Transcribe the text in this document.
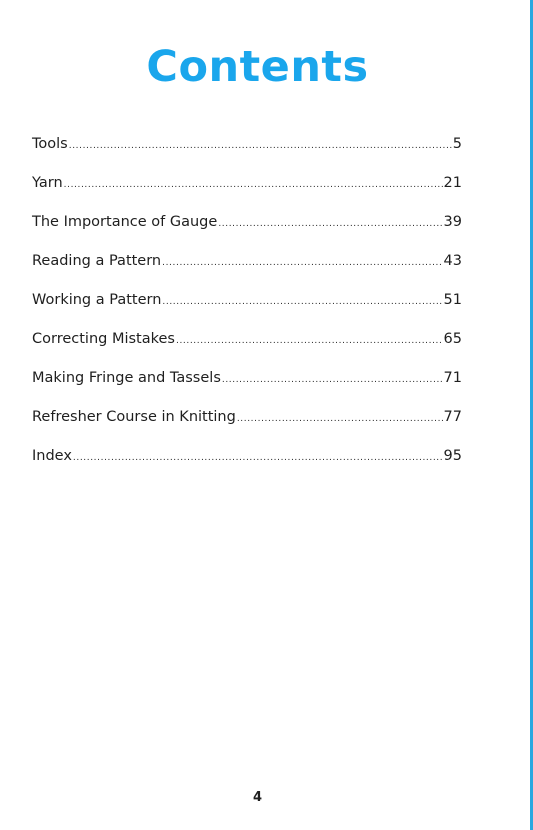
Contents
Tools .....	5
Yarn .....	21
The Importance of Gauge .....	39
Reading a Pattern .....	43
Working a Pattern .....	51
Correcting Mistakes .....	65
Making Fringe and Tassels .....	71
Refresher Course in Knitting .....	77
Index .....	95
4
